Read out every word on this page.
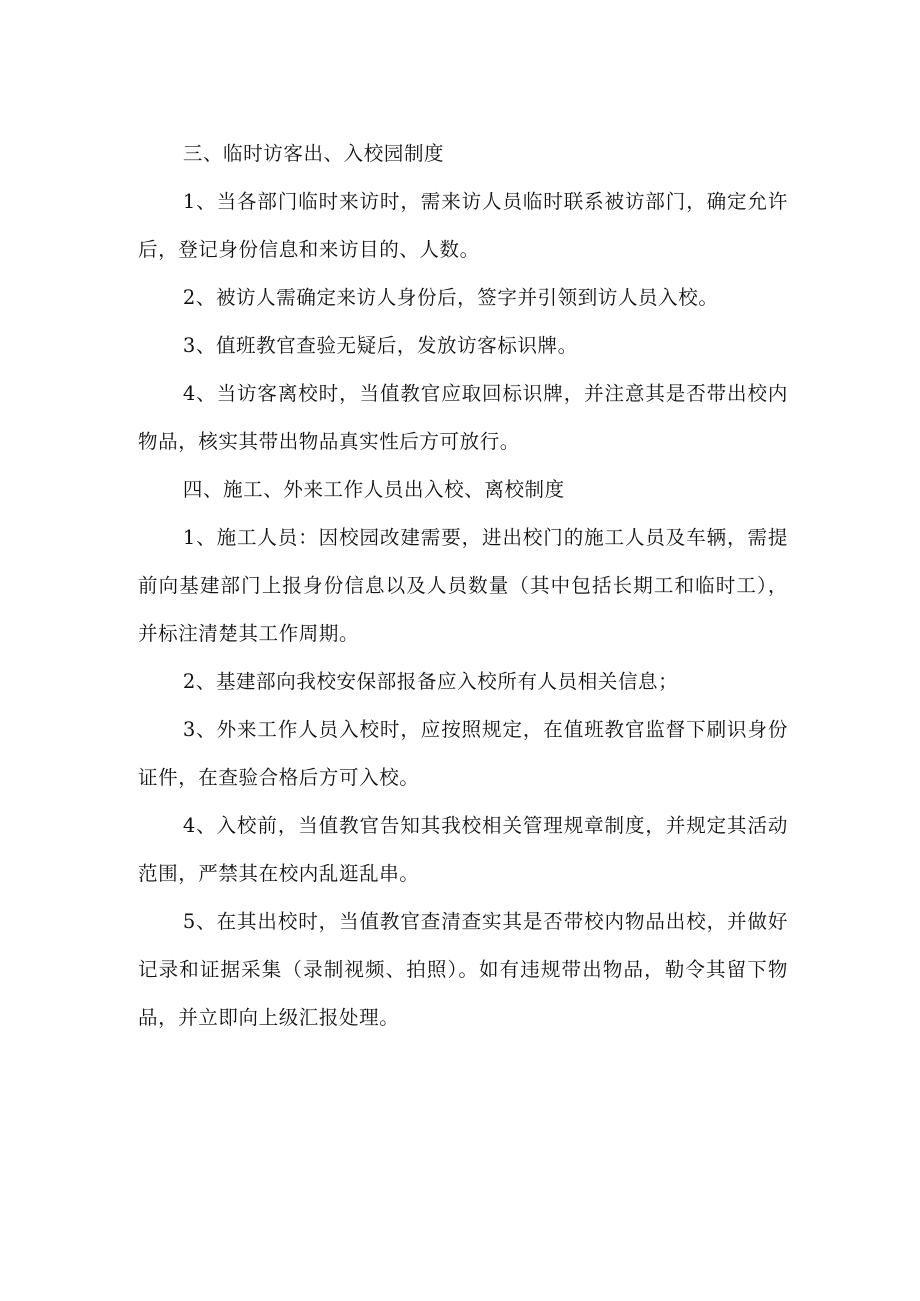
三、临时访客出、入校园制度

1、当各部门临时来访时，需来访人员临时联系被访部门，确定允许后，登记身份信息和来访目的、人数。

2、被访人需确定来访人身份后，签字并引领到访人员入校。

3、值班教官查验无疑后，发放访客标识牌。

4、当访客离校时，当值教官应取回标识牌，并注意其是否带出校内物品，核实其带出物品真实性后方可放行。

四、施工、外来工作人员出入校、离校制度

1、施工人员：因校园改建需要，进出校门的施工人员及车辆，需提前向基建部门上报身份信息以及人员数量（其中包括长期工和临时工），并标注清楚其工作周期。

2、基建部向我校安保部报备应入校所有人员相关信息；

3、外来工作人员入校时，应按照规定，在值班教官监督下刷识身份证件，在查验合格后方可入校。

4、入校前，当值教官告知其我校相关管理规章制度，并规定其活动范围，严禁其在校内乱逛乱串。

5、在其出校时，当值教官查清查实其是否带校内物品出校，并做好记录和证据采集（录制视频、拍照）。如有违规带出物品，勒令其留下物品，并立即向上级汇报处理。
